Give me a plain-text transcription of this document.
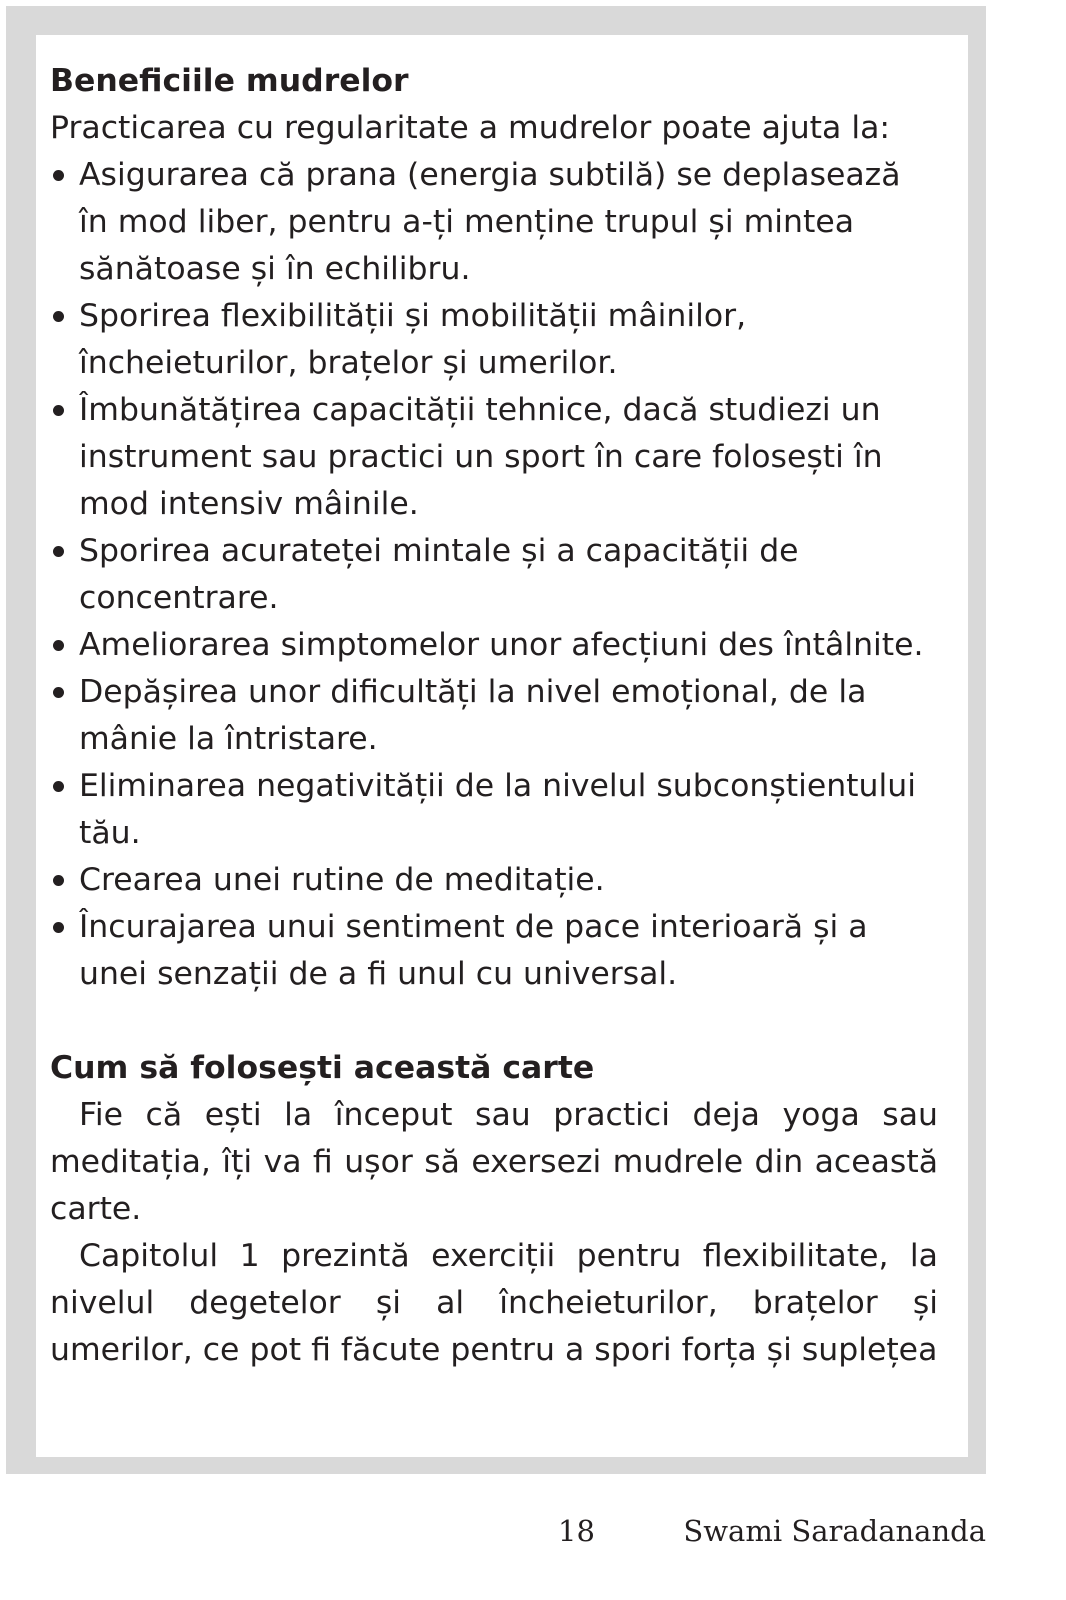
Beneficiile mudrelor

Practicarea cu regularitate a mudrelor poate ajuta la:

Asigurarea că prana (energia subtilă) se deplasează în mod liber, pentru a-ți menține trupul și mintea sănătoase și în echilibru.
Sporirea flexibilității și mobilității mâinilor, încheieturilor, brațelor și umerilor.
Îmbunătățirea capacității tehnice, dacă studiezi un instrument sau practici un sport în care folosești în mod intensiv mâinile.
Sporirea acurateței mintale și a capacității de concentrare.
Ameliorarea simptomelor unor afecțiuni des întâlnite.
Depășirea unor dificultăți la nivel emoțional, de la mânie la întristare.
Eliminarea negativității de la nivelul subconștientului tău.
Crearea unei rutine de meditație.
Încurajarea unui sentiment de pace interioară și a unei senzații de a fi unul cu universal.
Cum să folosești această carte

Fie că ești la început sau practici deja yoga sau meditația, îți va fi ușor să exersezi mudrele din această carte.

Capitolul 1 prezintă exerciții pentru flexibilitate, la nivelul degetelor și al încheieturilor, brațelor și umerilor, ce pot fi făcute pentru a spori forța și suplețea

18	Swami Saradananda
